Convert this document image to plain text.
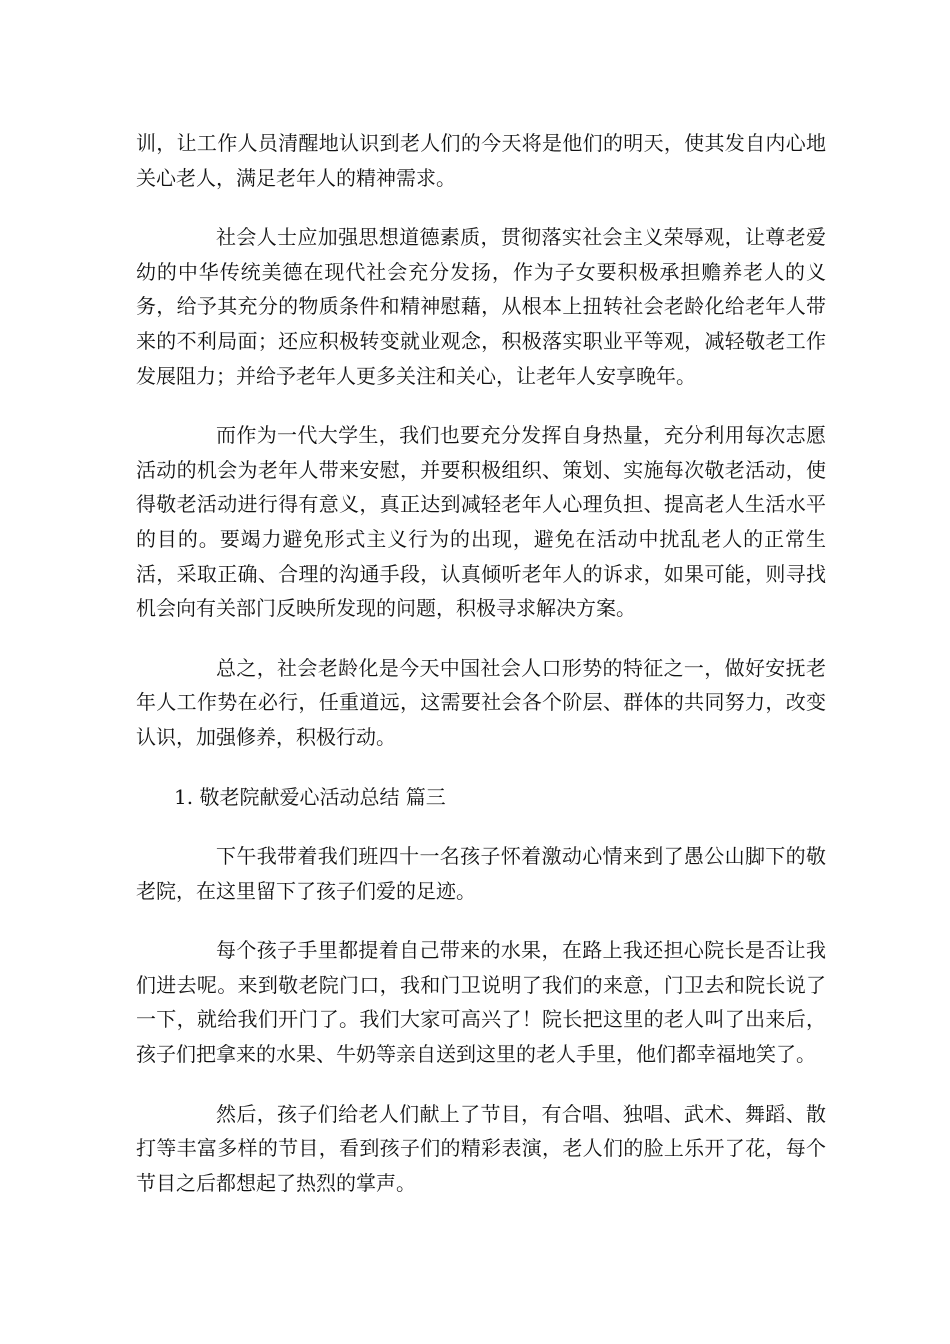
训，让工作人员清醒地认识到老人们的今天将是他们的明天，使其发自内心地关心老人，满足老年人的精神需求。

社会人士应加强思想道德素质，贯彻落实社会主义荣辱观，让尊老爱幼的中华传统美德在现代社会充分发扬，作为子女要积极承担赡养老人的义务，给予其充分的物质条件和精神慰藉，从根本上扭转社会老龄化给老年人带来的不利局面；还应积极转变就业观念，积极落实职业平等观，减轻敬老工作发展阻力；并给予老年人更多关注和关心，让老年人安享晚年。

而作为一代大学生，我们也要充分发挥自身热量，充分利用每次志愿活动的机会为老年人带来安慰，并要积极组织、策划、实施每次敬老活动，使得敬老活动进行得有意义，真正达到减轻老年人心理负担、提高老人生活水平的目的。要竭力避免形式主义行为的出现，避免在活动中扰乱老人的正常生活，采取正确、合理的沟通手段，认真倾听老年人的诉求，如果可能，则寻找机会向有关部门反映所发现的问题，积极寻求解决方案。

总之，社会老龄化是今天中国社会人口形势的特征之一，做好安抚老年人工作势在必行，任重道远，这需要社会各个阶层、群体的共同努力，改变认识，加强修养，积极行动。

1. 敬老院献爱心活动总结 篇三

下午我带着我们班四十一名孩子怀着激动心情来到了愚公山脚下的敬老院，在这里留下了孩子们爱的足迹。

每个孩子手里都提着自己带来的水果，在路上我还担心院长是否让我们进去呢。来到敬老院门口，我和门卫说明了我们的来意，门卫去和院长说了一下，就给我们开门了。我们大家可高兴了！院长把这里的老人叫了出来后，孩子们把拿来的水果、牛奶等亲自送到这里的老人手里，他们都幸福地笑了。

然后，孩子们给老人们献上了节目，有合唱、独唱、武术、舞蹈、散打等丰富多样的节目，看到孩子们的精彩表演，老人们的脸上乐开了花，每个节目之后都想起了热烈的掌声。
